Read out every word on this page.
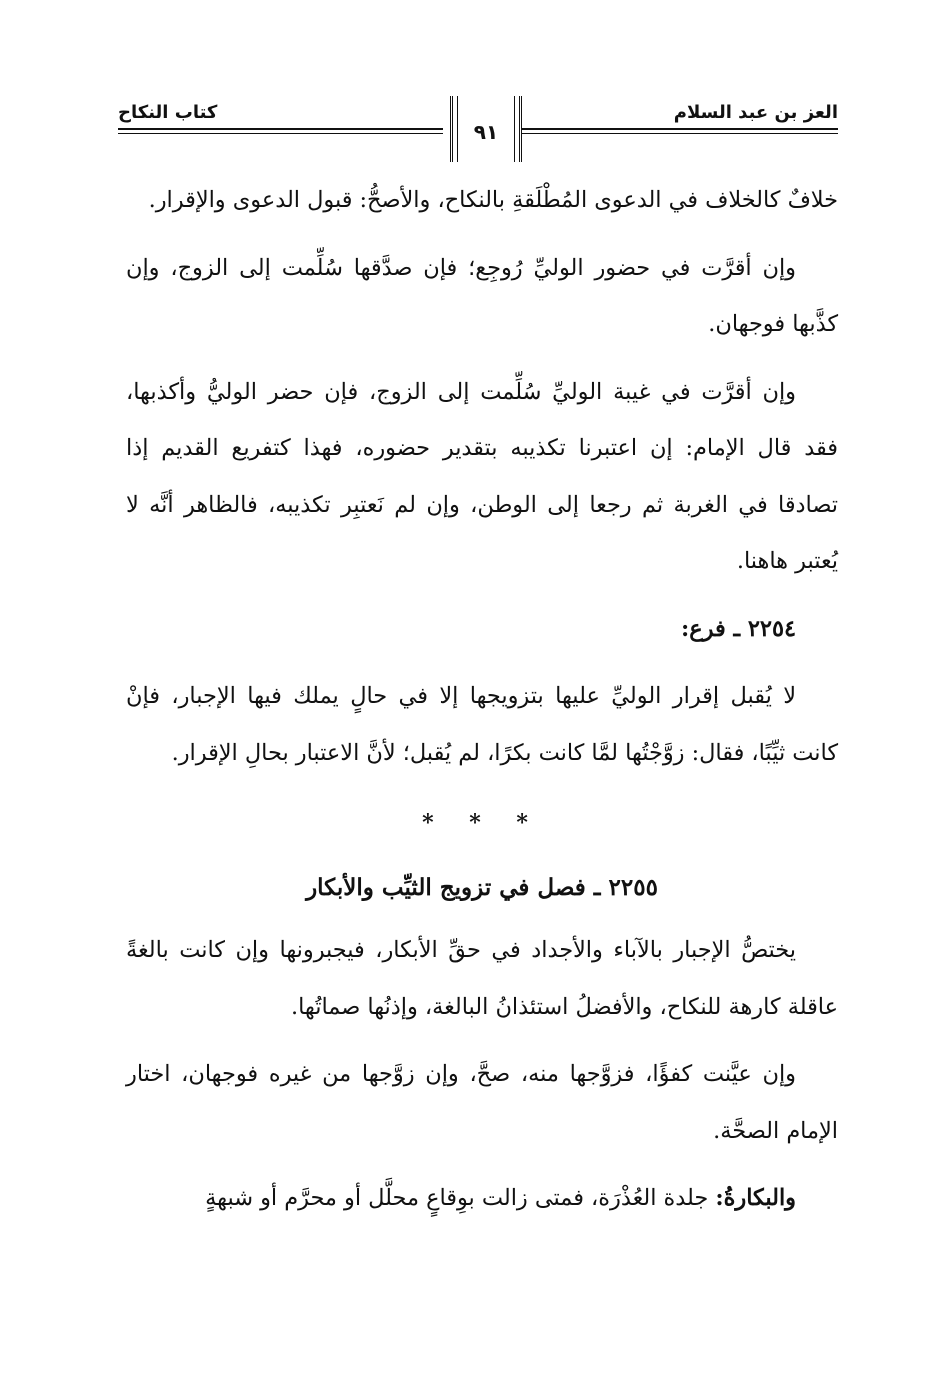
العز بن عبد السلام
٩١
كتاب النكاح

خلافٌ كالخلاف في الدعوى المُطْلَقةِ بالنكاح، والأصحُّ: قبول الدعوى والإقرار.

وإن أقرَّت في حضور الوليِّ رُوجِع؛ فإن صدَّقها سُلِّمت إلى الزوج، وإن كذَّبها فوجهان.

وإن أقرَّت في غيبة الوليِّ سُلِّمت إلى الزوج، فإن حضر الوليُّ وأكذبها، فقد قال الإمام: إن اعتبرنا تكذيبه بتقدير حضوره، فهذا كتفريع القديم إذا تصادقا في الغربة ثم رجعا إلى الوطن، وإن لم نَعتبِر تكذيبه، فالظاهر أنَّه لا يُعتبر هاهنا.

٢٢٥٤ ـ فرع:

لا يُقبل إقرار الوليِّ عليها بتزويجها إلا في حالٍ يملك فيها الإجبار، فإنْ كانت ثيِّبًا، فقال: زوَّجْتُها لمَّا كانت بكرًا، لم يُقبل؛ لأنَّ الاعتبار بحالِ الإقرار.

* * *
٢٢٥٥ ـ فصل في تزويج الثيِّب والأبكار

يختصُّ الإجبار بالآباء والأجداد في حقِّ الأبكار، فيجبرونها وإن كانت بالغةً عاقلة كارهة للنكاح، والأفضلُ استئذانُ البالغة، وإذنُها صماتُها.

وإن عيَّنت كفؤًا، فزوَّجها منه، صحَّ، وإن زوَّجها من غيره فوجهان، اختار الإمام الصحَّة.

والبكارةُ: جلدة العُذْرَة، فمتى زالت بوِقاعٍ محلَّل أو محرَّم أو شبهةٍ
